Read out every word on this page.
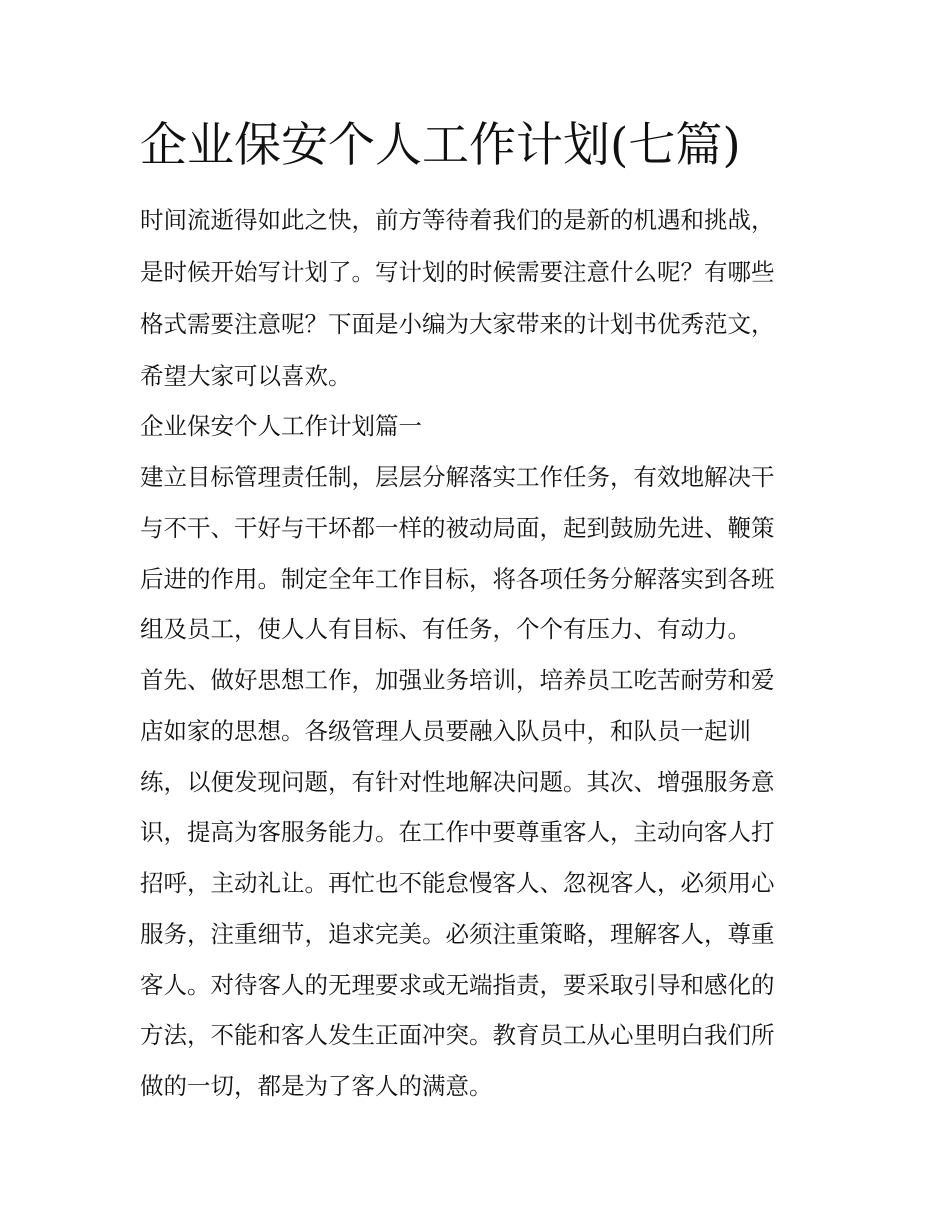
企业保安个人工作计划(七篇)

时间流逝得如此之快，前方等待着我们的是新的机遇和挑战，

是时候开始写计划了。写计划的时候需要注意什么呢？有哪些

格式需要注意呢？下面是小编为大家带来的计划书优秀范文，

希望大家可以喜欢。

企业保安个人工作计划篇一

建立目标管理责任制，层层分解落实工作任务，有效地解决干

与不干、干好与干坏都一样的被动局面，起到鼓励先进、鞭策

后进的作用。制定全年工作目标，将各项任务分解落实到各班

组及员工，使人人有目标、有任务，个个有压力、有动力。

首先、做好思想工作，加强业务培训，培养员工吃苦耐劳和爱

店如家的思想。各级管理人员要融入队员中，和队员一起训

练，以便发现问题，有针对性地解决问题。其次、增强服务意

识，提高为客服务能力。在工作中要尊重客人，主动向客人打

招呼，主动礼让。再忙也不能怠慢客人、忽视客人，必须用心

服务，注重细节，追求完美。必须注重策略，理解客人，尊重

客人。对待客人的无理要求或无端指责，要采取引导和感化的

方法，不能和客人发生正面冲突。教育员工从心里明白我们所

做的一切，都是为了客人的满意。
